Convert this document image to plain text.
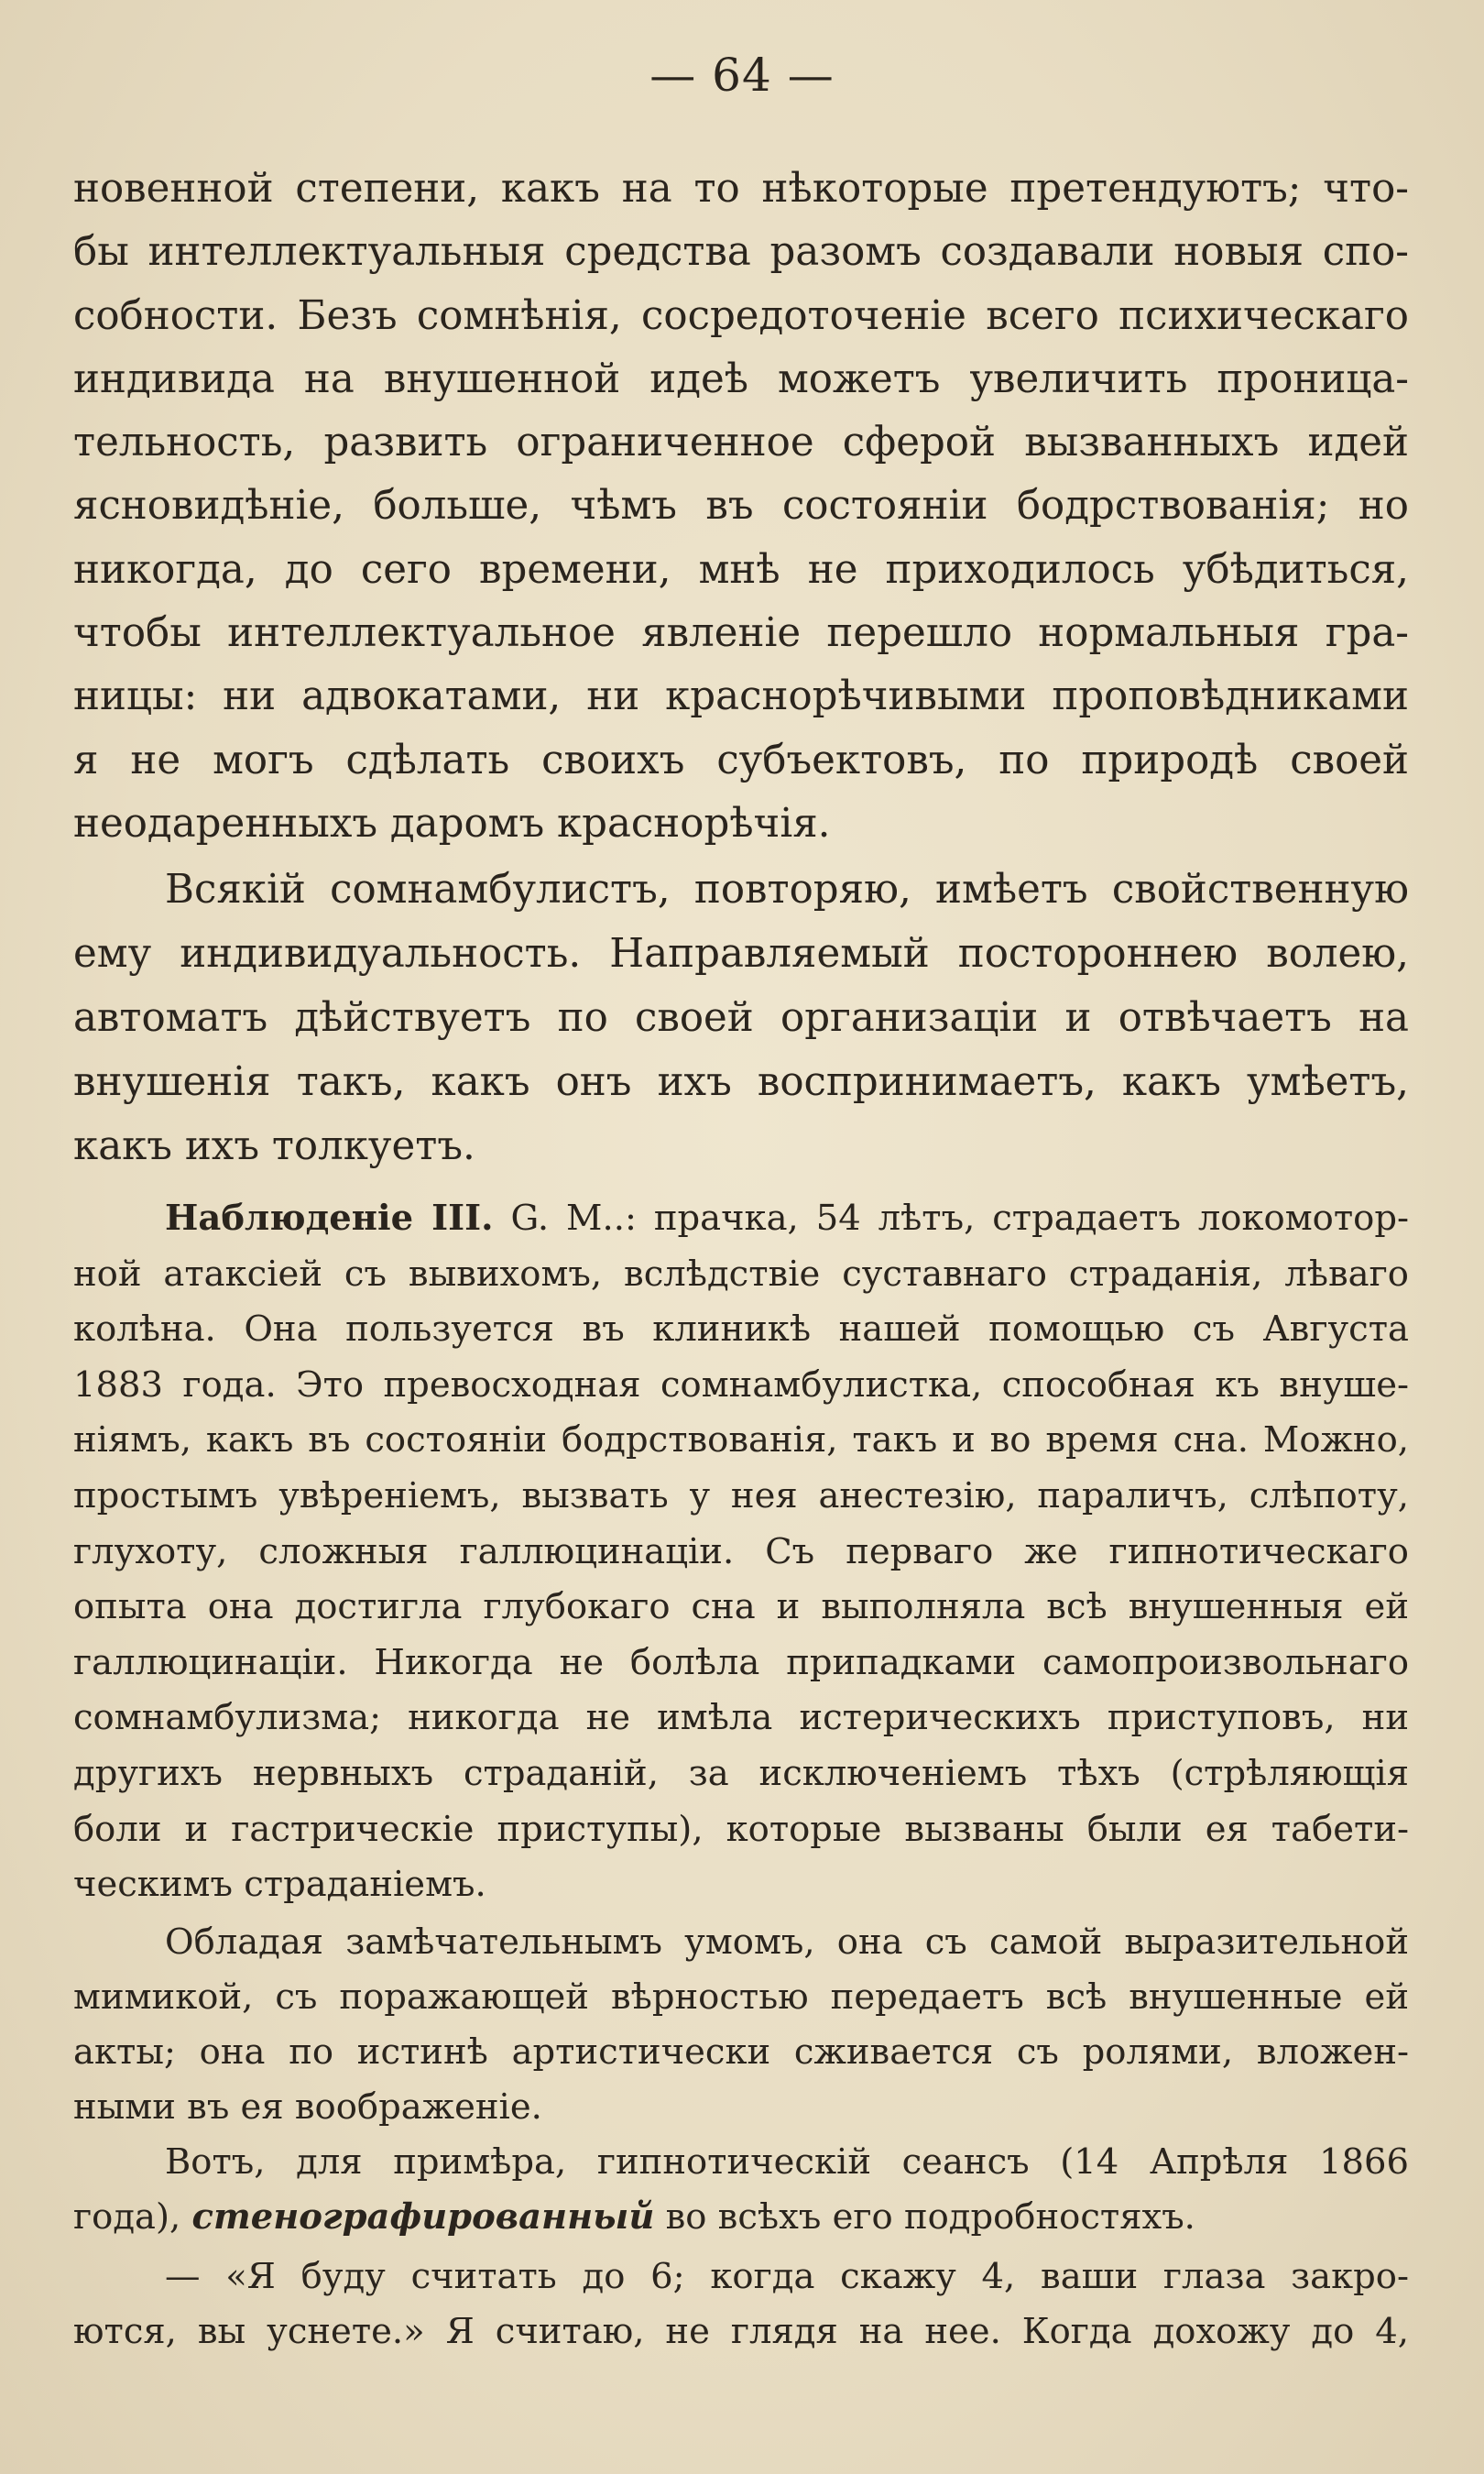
— 64 —
новенной степени, какъ на то нѣкоторые претендуютъ; что-
бы интеллектуальныя средства разомъ создавали новыя спо-
собности. Безъ сомнѣнія, сосредоточеніе всего психическаго
индивида на внушенной идеѣ можетъ увеличить проница-
тельность, развить ограниченное сферой вызванныхъ идей
ясновидѣніе, больше, чѣмъ въ состояніи бодрствованія; но
никогда, до сего времени, мнѣ не приходилось убѣдиться,
чтобы интеллектуальное явленіе перешло нормальныя гра-
ницы: ни адвокатами, ни краснорѣчивыми проповѣдниками
я не могъ сдѣлать своихъ субъектовъ, по природѣ своей
неодаренныхъ даромъ краснорѣчія.
Всякій сомнамбулистъ, повторяю, имѣетъ свойственную
ему индивидуальность. Направляемый постороннею волею,
автоматъ дѣйствуетъ по своей организаціи и отвѣчаетъ на
внушенія такъ, какъ онъ ихъ воспринимаетъ, какъ умѣетъ,
какъ ихъ толкуетъ.
Наблюденіе III. G. M..: прачка, 54 лѣтъ, страдаетъ локомотор-
ной атаксіей съ вывихомъ, вслѣдствіе суставнаго страданія, лѣваго
колѣна. Она пользуется въ клиникѣ нашей помощью съ Августа
1883 года. Это превосходная сомнамбулистка, способная къ внуше-
ніямъ, какъ въ состояніи бодрствованія, такъ и во время сна. Можно,
простымъ увѣреніемъ, вызвать у нея анестезію, параличъ, слѣпоту,
глухоту, сложныя галлюцинаціи. Съ перваго же гипнотическаго
опыта она достигла глубокаго сна и выполняла всѣ внушенныя ей
галлюцинаціи. Никогда не болѣла припадками самопроизвольнаго
сомнамбулизма; никогда не имѣла истерическихъ приступовъ, ни
другихъ нервныхъ страданій, за исключеніемъ тѣхъ (стрѣляющія
боли и гастрическіе приступы), которые вызваны были ея табети-
ческимъ страданіемъ.
Обладая замѣчательнымъ умомъ, она съ самой выразительной
мимикой, съ поражающей вѣрностью передаетъ всѣ внушенные ей
акты; она по истинѣ артистически сживается съ ролями, вложен-
ными въ ея воображеніе.
Вотъ, для примѣра, гипнотическій сеансъ (14 Апрѣля 1866
года), стенографированный во всѣхъ его подробностяхъ.
— «Я буду считать до 6; когда скажу 4, ваши глаза закро-
ются, вы уснете.» Я считаю, не глядя на нее. Когда дохожу до 4,
